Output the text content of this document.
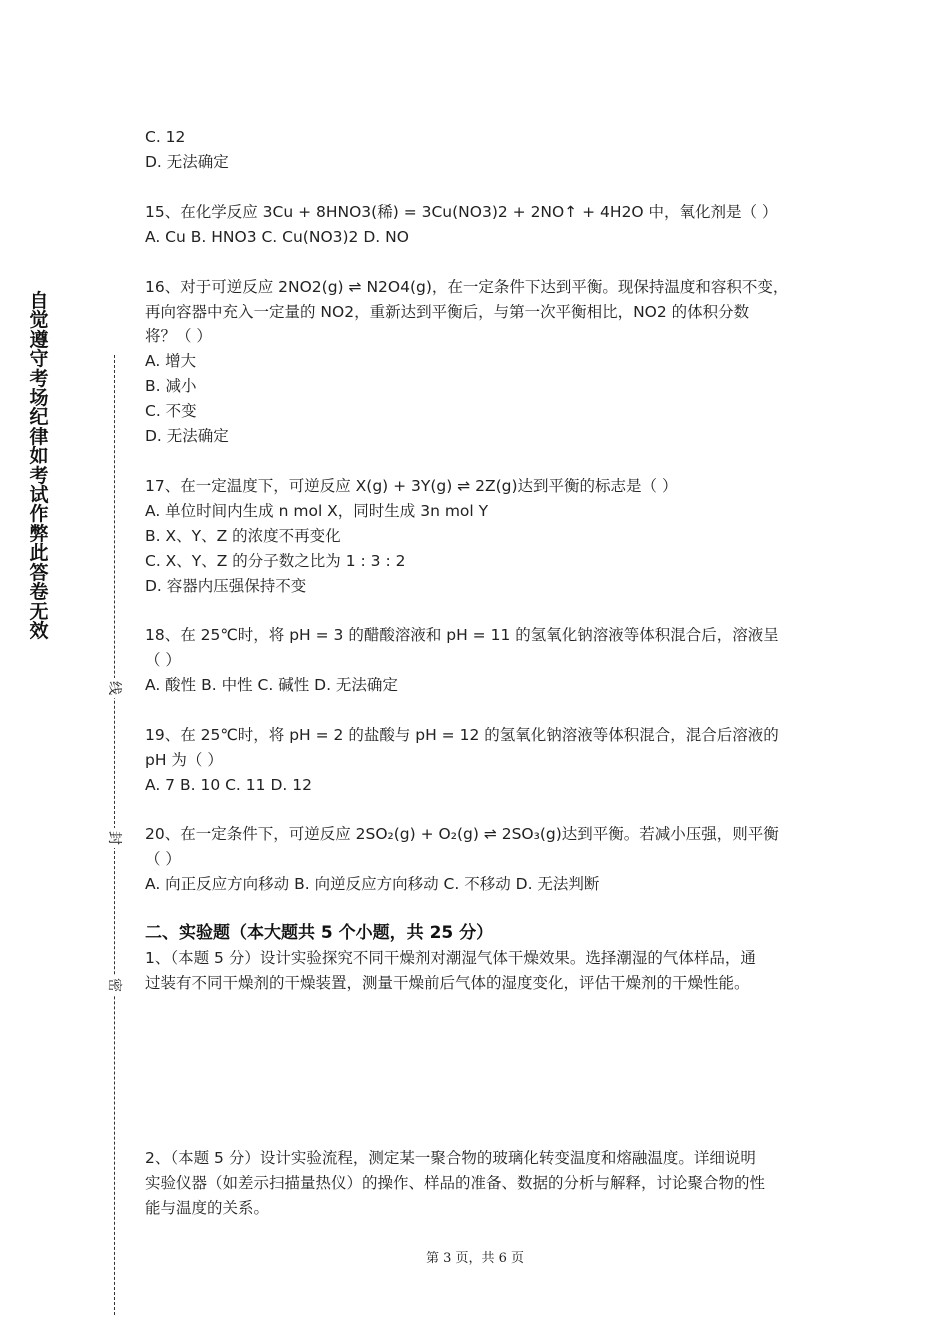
自觉遵守考场纪律如考试作弊此答卷无效
线
封
密
C. 12
D. 无法确定
15、在化学反应 3Cu + 8HNO3(稀) = 3Cu(NO3)2 + 2NO↑ + 4H2O 中，氧化剂是（ ）
A. Cu B. HNO3 C. Cu(NO3)2 D. NO
16、对于可逆反应 2NO2(g) ⇌ N2O4(g)，在一定条件下达到平衡。现保持温度和容积不变，
再向容器中充入一定量的 NO2，重新达到平衡后，与第一次平衡相比，NO2 的体积分数
将？（ ）
A. 增大
B. 减小
C. 不变
D. 无法确定
17、在一定温度下，可逆反应 X(g) + 3Y(g) ⇌ 2Z(g)达到平衡的标志是（ ）
A. 单位时间内生成 n mol X，同时生成 3n mol Y
B. X、Y、Z 的浓度不再变化
C. X、Y、Z 的分子数之比为 1 : 3 : 2
D. 容器内压强保持不变
18、在 25℃时，将 pH = 3 的醋酸溶液和 pH = 11 的氢氧化钠溶液等体积混合后，溶液呈
（ ）
A. 酸性 B. 中性 C. 碱性 D. 无法确定
19、在 25℃时，将 pH = 2 的盐酸与 pH = 12 的氢氧化钠溶液等体积混合，混合后溶液的
pH 为（ ）
A. 7 B. 10 C. 11 D. 12
20、在一定条件下，可逆反应 2SO₂(g) + O₂(g) ⇌ 2SO₃(g)达到平衡。若减小压强，则平衡
（ ）
A. 向正反应方向移动 B. 向逆反应方向移动 C. 不移动 D. 无法判断
二、实验题（本大题共 5 个小题，共 25 分）
1、（本题 5 分）设计实验探究不同干燥剂对潮湿气体干燥效果。选择潮湿的气体样品，通
过装有不同干燥剂的干燥装置，测量干燥前后气体的湿度变化，评估干燥剂的干燥性能。
2、（本题 5 分）设计实验流程，测定某一聚合物的玻璃化转变温度和熔融温度。详细说明
实验仪器（如差示扫描量热仪）的操作、样品的准备、数据的分析与解释，讨论聚合物的性
能与温度的关系。
第 3 页，共 6 页
